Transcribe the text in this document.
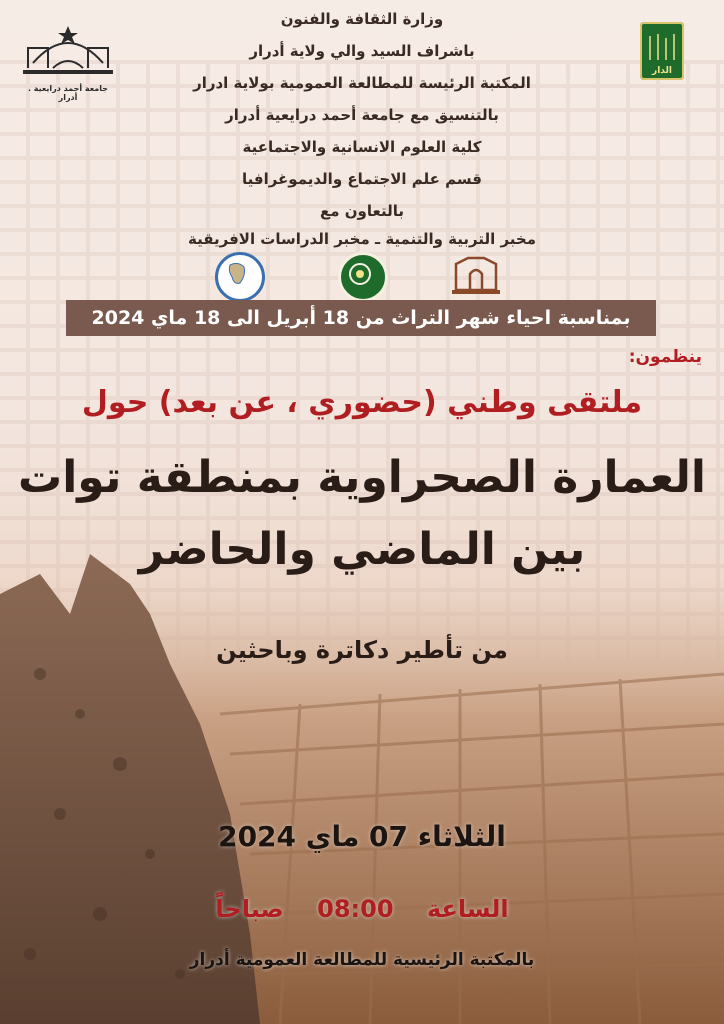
جامعة أحمد درايعية . أدرار
الدار
وزارة الثقافة والفنون
باشراف السيد والي ولاية أدرار
المكتبة الرئيسة للمطالعة العمومية بولاية ادرار
بالتنسيق مع جامعة أحمد درايعية أدرار
كلية العلوم الانسانية والاجتماعية
قسم علم الاجتماع والديموغرافيا
بالتعاون مع
مخبر التربية والتنمية ـ مخبر الدراسات الافريقية
بمناسبة احياء شهر التراث من 18 أبريل الى 18 ماي 2024
ينظمون:
ملتقى وطني (حضوري ، عن بعد) حول
العمارة الصحراوية بمنطقة توات
بين الماضي والحاضر
من تأطير دكاترة وباحثين
الثلاثاء 07 ماي 2024
الساعة    08:00    صباحاً
بالمكتبة الرئيسية للمطالعة العمومية أدرار
